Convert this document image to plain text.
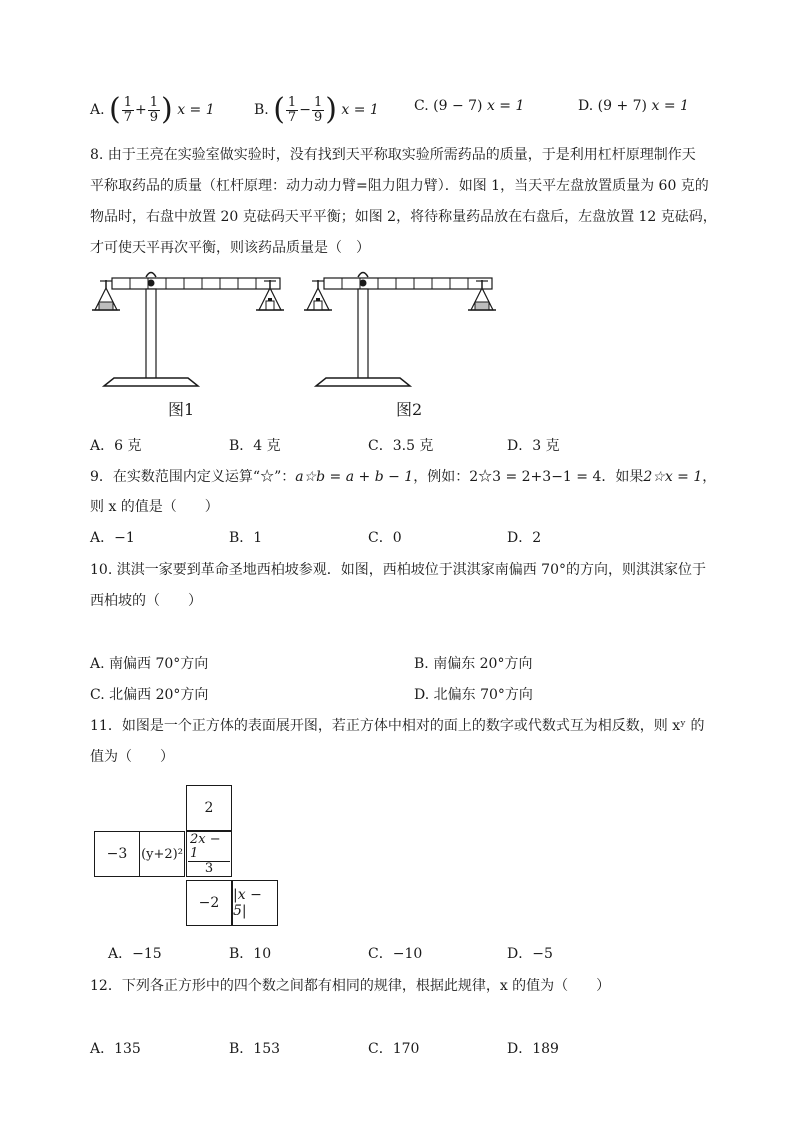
A. ( $\frac{1}{7} + \frac{1}{9}$ ) x = 1	B. ( $\frac{1}{7} - \frac{1}{9}$ ) x = 1	C. (9 − 7) x = 1	D. (9 + 7) x = 1
8. 由于王亮在实验室做实验时，没有找到天平称取实验所需药品的质量，于是利用杠杆原理制作天
平称取药品的质量（杠杆原理：动力动力臂=阻力阻力臂）．如图 1，当天平左盘放置质量为 60 克的
物品时，右盘中放置 20 克砝码天平平衡；如图 2，将待称量药品放在右盘后，左盘放置 12 克砝码，
才可使天平再次平衡，则该药品质量是（　）
图1	图2
A．6 克	B．4 克	C．3.5 克	D．3 克
9．在实数范围内定义运算“☆”：a☆b = a + b − 1，例如：2☆3 = 2+3−1 = 4．如果2☆x = 1，
则 x 的值是（　　）
A．−1	B．1	C．0	D．2
10. 淇淇一家要到革命圣地西柏坡参观．如图，西柏坡位于淇淇家南偏西 70°的方向，则淇淇家位于
西柏坡的（　　）
A. 南偏西 70°方向	B. 南偏东 20°方向
C. 北偏西 20°方向	D. 北偏东 70°方向
11．如图是一个正方体的表面展开图，若正方体中相对的面上的数字或代数式互为相反数，则 xʸ 的
值为（　　）
2
−3	$(y+2)^2 \frac{2x - 1}{3}$
−2 |x − 5|
A．−15	B．10	C．−10	D．−5
12．下列各正方形中的四个数之间都有相同的规律，根据此规律，x 的值为（　　）
A．135	B．153	C．170	D．189
